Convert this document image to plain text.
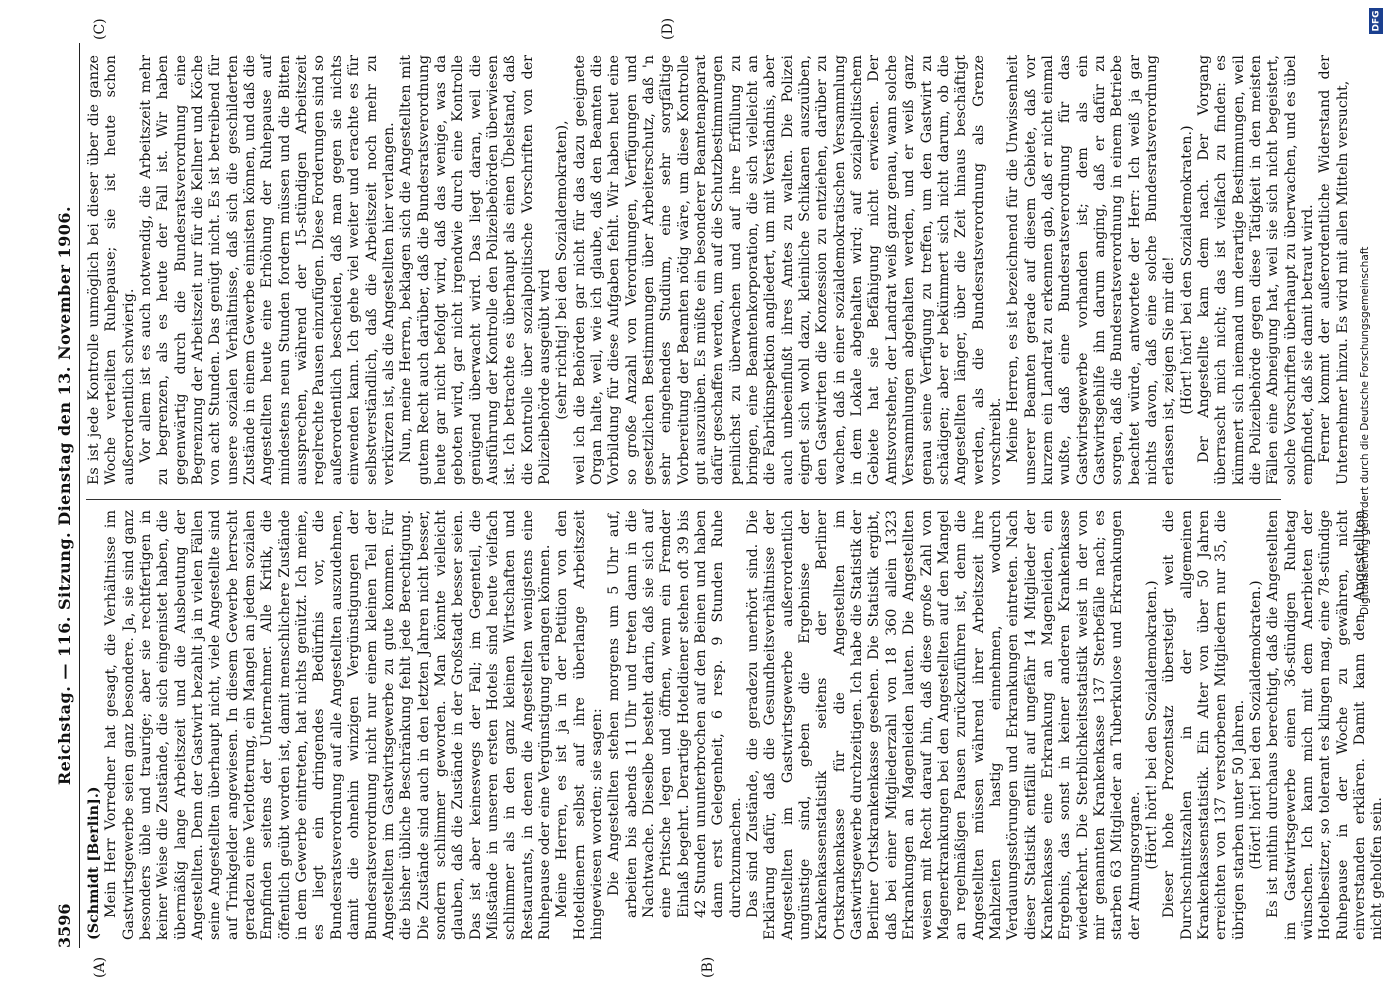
3596
Reichstag. — 116. Sitzung. Dienstag den 13. November 1906.
(A)	(B)
(C)	(D)

(Schmidt [Berlin].) Mein Herr Vorredner hat gesagt, die Verhältnisse im Gastwirtsgewerbe seien ganz besondere. Ja, sie sind ganz besonders üble und traurige; aber sie rechtfertigen in keiner Weise die Zustände, die sich eingenistet haben, die übermäßig lange Arbeitszeit und die Ausbeutung der Angestellten. Denn der Gastwirt bezahlt ja in vielen Fällen seine Angestellten überhaupt nicht, viele Angestellte sind auf Trinkgelder angewiesen. In diesem Gewerbe herrscht geradezu eine Verlotterung, ein Mangel an jedem sozialen Empfinden seitens der Unternehmer. Alle Kritik, die öffentlich geübt worden ist, damit menschlichere Zustände in dem Gewerbe eintreten, hat nichts genützt. Ich meine, es liegt ein dringendes Bedürfnis vor, die Bundesratsverordnung auf alle Angestellten auszudehnen, damit die ohnehin winzigen Vergünstigungen der Bundesratsverordnung nicht nur einem kleinen Teil der Angestellten im Gastwirtsgewerbe zu gute kommen. Für die bisher übliche Beschränkung fehlt jede Berechtigung. Die Zustände sind auch in den letzten Jahren nicht besser, sondern schlimmer geworden. Man könnte vielleicht glauben, daß die Zustände in der Großstadt besser seien. Das ist aber keineswegs der Fall; im Gegenteil, die Mißstände in unseren ersten Hotels sind heute vielfach schlimmer als in den ganz kleinen Wirtschaften und Restaurants, in denen die Angestellten wenigstens eine Ruhepause oder eine Vergünstigung erlangen können. Meine Herren, es ist ja in der Petition von den Hoteldienern selbst auf ihre überlange Arbeitszeit hingewiesen worden; sie sagen: Die Angestellten stehen morgens um 5 Uhr auf, arbeiten bis abends 11 Uhr und treten dann in die Nachtwache. Dieselbe besteht darin, daß sie sich auf eine Pritsche legen und öffnen, wenn ein Fremder Einlaß begehrt. Derartige Hoteldiener stehen oft 39 bis 42 Stunden ununterbrochen auf den Beinen und haben dann erst Gelegenheit, 6 resp. 9 Stunden Ruhe durchzumachen. Das sind Zustände, die geradezu unerhört sind. Die Erklärung dafür, daß die Gesundheitsverhältnisse der Angestellten im Gastwirtsgewerbe außerordentlich ungünstige sind, geben die Ergebnisse der Krankenkassenstatistik seitens der Berliner Ortskrankenkasse für die Angestellten im Gastwirtsgewerbe durchzeitigen. Ich habe die Statistik der Berliner Ortskrankenkasse gesehen. Die Statistik ergibt, daß bei einer Mitgliederzahl von 18 360 allein 1323 Erkrankungen an Magenleiden lauten. Die Angestellten weisen mit Recht darauf hin, daß diese große Zahl von Magenerkrankungen bei den Angestellten auf den Mangel an regelmäßigen Pausen zurückzuführen ist, denn die Angestellten müssen während ihrer Arbeitszeit ihre Mahlzeiten hastig einnehmen, wodurch Verdauungsstörungen und Erkrankungen eintreten. Nach dieser Statistik entfällt auf ungefähr 14 Mitglieder der Krankenkasse eine Erkrankung an Magenleiden, ein Ergebnis, das sonst in keiner anderen Krankenkasse wiederkehrt. Die Sterblichkeitsstatistik weist in der von mir genannten Krankenkasse 137 Sterbefälle nach; es starben 63 Mitglieder an Tuberkulose und Erkrankungen der Atmungsorgane. (Hört! hört! bei den Sozialdemokraten.) Dieser hohe Prozentsatz übersteigt weit die Durchschnittszahlen in der allgemeinen Krankenkassenstatistik. Ein Alter von über 50 Jahren erreichten von 137 verstorbenen Mitgliedern nur 35, die übrigen starben unter 50 Jahren. (Hört! hört! bei den Sozialdemokraten.) Es ist mithin durchaus berechtigt, daß die Angestellten im Gastwirtsgewerbe einen 36-stündigen Ruhetag wünschen. Ich kann mich mit dem Anerbieten der Hotelbesitzer, so tolerant es klingen mag, eine 78-stündige Ruhepause in der Woche zu gewähren, nicht einverstanden erklären. Damit kann den Angestellten nicht geholfen sein.

Es ist jede Kontrolle unmöglich bei dieser über die ganze Woche verteilten Ruhepause; sie ist heute schon außerordentlich schwierig. Vor allem ist es auch notwendig, die Arbeitszeit mehr zu begrenzen, als es heute der Fall ist. Wir haben gegenwärtig durch die Bundesratsverordnung eine Begrenzung der Arbeitszeit nur für die Kellner und Köche von acht Stunden. Das genügt nicht. Es ist betreibend für unsere sozialen Verhältnisse, daß sich die geschilderten Zustände in einem Gewerbe einnisten können, und daß die Angestellten heute eine Erhöhung der Ruhepause auf mindestens neun Stunden fordern müssen und die Bitten aussprechen, während der 15-stündigen Arbeitszeit regelrechte Pausen einzufügen. Diese Forderungen sind so außerordentlich bescheiden, daß man gegen sie nichts einwenden kann. Ich gehe viel weiter und erachte es für selbstverständlich, daß die Arbeitszeit noch mehr zu verkürzen ist, als die Angestellten hier verlangen. Nun, meine Herren, beklagen sich die Angestellten mit gutem Recht auch darüber, daß die Bundesratsverordnung heute gar nicht befolgt wird, daß das wenige, was da geboten wird, gar nicht irgendwie durch eine Kontrolle genügend überwacht wird. Das liegt daran, weil die Ausführung der Kontrolle den Polizeibehörden überwiesen ist. Ich betrachte es überhaupt als einen Übelstand, daß die Kontrolle über sozialpolitische Vorschriften von der Polizeibehörde ausgeübt wird (sehr richtig! bei den Sozialdemokraten), weil ich die Behörden gar nicht für das dazu geeignete Organ halte, weil, wie ich glaube, daß den Beamten die Vorbildung für diese Aufgaben fehlt. Wir haben heut eine so große Anzahl von Verordnungen, Verfügungen und gesetzlichen Bestimmungen über Arbeiterschutz, daß 'n sehr eingehendes Studium, eine sehr sorgfältige Vorbereitung der Beamten nötig wäre, um diese Kontrolle gut auszuüben. Es müßte ein besonderer Beamtenapparat dafür geschaffen werden, um auf die Schutzbestimmungen peinlichst zu überwachen und auf ihre Erfüllung zu bringen, eine Beamtenkorporation, die sich vielleicht an die Fabrikinspektion angliedert, um mit Verständnis, aber auch unbeeinflußt ihres Amtes zu walten. Die Polizei eignet sich wohl dazu, kleinliche Schikanen auszuüben, den Gastwirten die Konzession zu entziehen, darüber zu wachen, daß in einer sozialdemokratischen Versammlung in dem Lokale abgehalten wird; auf sozialpolitischem Gebiete hat sie Befähigung nicht erwiesen. Der Amtsvorsteher, der Landrat weiß ganz genau, wann solche Versammlungen abgehalten werden, und er weiß ganz genau seine Verfügung zu treffen, um den Gastwirt zu schädigen; aber er bekümmert sich nicht darum, ob die Angestellten länger, über die Zeit hinaus beschäftigt werden, als die Bundesratsverordnung als Grenze vorschreibt. Meine Herren, es ist bezeichnend für die Unwissenheit unserer Beamten gerade auf diesem Gebiete, daß vor kurzem ein Landrat zu erkennen gab, daß er nicht einmal wußte, daß eine Bundesratsverordnung für das Gastwirtsgewerbe vorhanden ist; dem als ein Gastwirtsgehilfe ihn darum anging, daß er dafür zu sorgen, daß die Bundesratsverordnung in einem Betriebe beachtet würde, antwortete der Herr: Ich weiß ja gar nichts davon, daß eine solche Bundesratsverordnung erlassen ist, zeigen Sie mir die! (Hört! hört! bei den Sozialdemokraten.) Der Angestellte kam dem nach. Der Vorgang überrascht mich nicht; das ist vielfach zu finden: es kümmert sich niemand um derartige Bestimmungen, weil die Polizeibehörde gegen diese Tätigkeit in den meisten Fällen eine Abneigung hat, weil sie sich nicht begeistert, solche Vorschriften überhaupt zu überwachen, und es übel empfindet, daß sie damit betraut wird. Ferner kommt der außerordentliche Widerstand der Unternehmer hinzu. Es wird mit allen Mitteln versucht,

DFG
Digitalisierung gefördert durch die Deutsche Forschungsgemeinschaft
